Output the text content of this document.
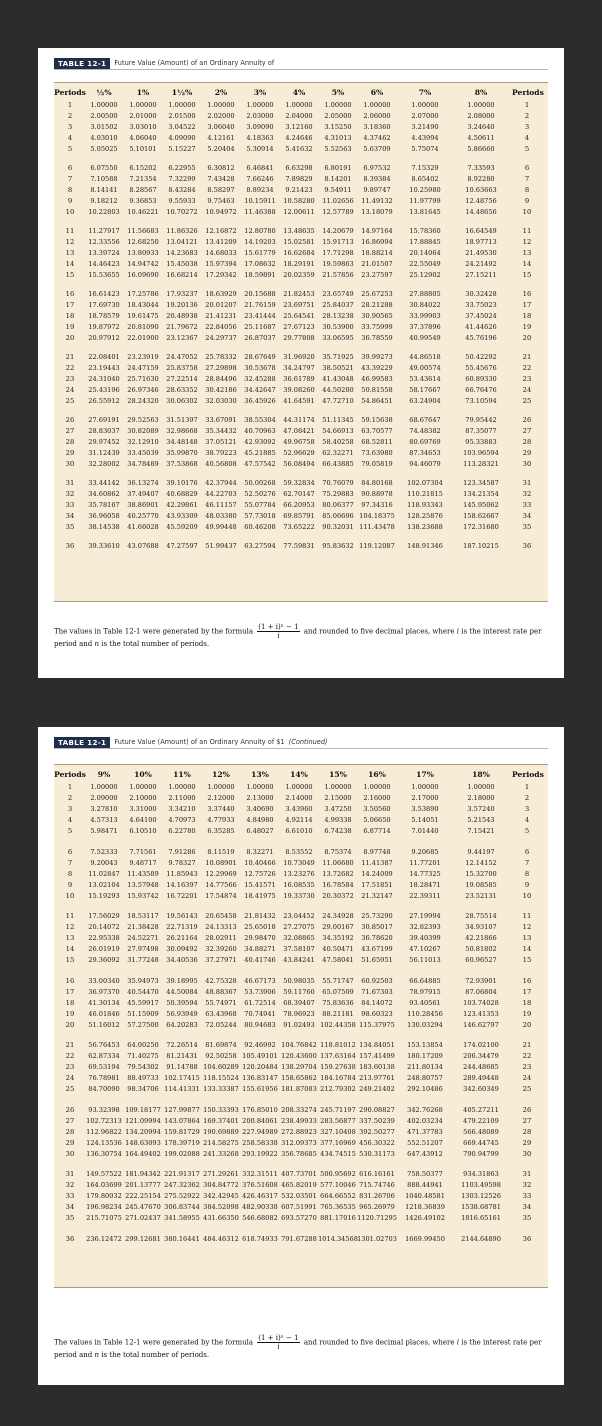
TABLE 12-1	Future Value (Amount) of an Ordinary Annuity of
Periods	½%	1%	1½%	2%	3%	4%	5%	6%	7%	8%	Periods
1	1.00000	1.00000	1.00000	1.00000	1.00000	1.00000	1.00000	1.00000	1.00000	1.00000	1
2	2.00500	2.01000	2.01500	2.02000	2.03000	2.04000	2.05000	2.06000	2.07000	2.08000	2
3	3.01502	3.03010	3.04522	3.06040	3.09090	3.12160	3.15250	3.18360	3.21490	3.24640	3
4	4.03010	4.06040	4.09090	4.12161	4.18363	4.24646	4.31013	4.37462	4.43994	4.50611	4
5	5.05025	5.10101	5.15227	5.20404	5.30914	5.41632	5.52563	5.63709	5.75074	5.86660	5
6	6.07550	6.15202	6.22955	6.30812	6.46841	6.63298	6.80191	6.97532	7.15329	7.33593	6
7	7.10588	7.21354	7.32299	7.43428	7.66246	7.89829	8.14201	8.39384	8.65402	8.92280	7
8	8.14141	8.28567	8.43284	8.58297	8.89234	9.21423	9.54911	9.89747	10.25980	10.63663	8
9	9.18212	9.36853	9.55933	9.75463	10.15911	10.58280	11.02656	11.49132	11.97799	12.48756	9
10	10.22803	10.46221	10.70272	10.94972	11.46388	12.00611	12.57789	13.18079	13.81645	14.48656	10
11	11.27917	11.56683	11.86326	12.16872	12.80780	13.48635	14.20679	14.97164	15.78360	16.64549	11
12	12.33556	12.68250	13.04121	13.41209	14.19203	15.02581	15.91713	16.86994	17.88845	18.97713	12
13	13.39724	13.80933	14.23683	14.68033	15.61779	16.62684	17.71298	18.88214	20.14064	21.49530	13
14	14.46423	14.94742	15.45038	15.97394	17.08632	18.29191	19.59863	21.01507	22.55049	24.21492	14
15	15.53655	16.09690	16.68214	17.29342	18.59891	20.02359	21.57856	23.27597	25.12902	27.15211	15
16	16.61423	17.25786	17.93237	18.63929	20.15688	21.82453	23.65749	25.67253	27.88805	30.32428	16
17	17.69730	18.43044	19.20136	20.01207	21.76159	23.69751	25.84037	28.21288	30.84022	33.75023	17
18	18.78579	19.61475	20.48938	21.41231	23.41444	25.64541	28.13238	30.90565	33.99903	37.45024	18
19	19.87972	20.81090	21.79672	22.84056	25.11687	27.67123	30.53900	33.75999	37.37896	41.44626	19
20	20.97912	22.01900	23.12367	24.29737	26.87037	29.77808	33.06595	36.78559	40.99549	45.76196	20
21	22.08401	23.23919	24.47052	25.78332	28.67649	31.96920	35.71925	39.99273	44.86518	50.42292	21
22	23.19443	24.47159	25.83758	27.29898	30.53678	34.24797	38.50521	43.39229	49.00574	55.45676	22
23	24.31040	25.71630	27.22514	28.84496	32.45288	36.61789	41.43048	46.99583	53.43614	60.89330	23
24	25.43196	26.97346	28.63352	30.42186	34.42647	39.08260	44.50200	50.81558	58.17667	66.76476	24
25	26.55912	28.24320	30.06302	32.03030	36.45926	41.64591	47.72710	54.86451	63.24904	73.10594	25
26	27.69191	29.52563	31.51397	33.67091	38.55304	44.31174	51.11345	59.15638	68.67647	79.95442	26
27	28.83037	30.82089	32.98668	35.34432	40.70963	47.08421	54.66913	63.70577	74.48382	87.35077	27
28	29.97452	32.12910	34.48148	37.05121	42.93092	49.96758	58.40258	68.52811	80.69769	95.33883	28
29	31.12439	33.45039	35.99870	38.79223	45.21885	52.96629	62.32271	73.63980	87.34653	103.96594	29
30	32.28002	34.78489	37.53868	40.56808	47.57542	56.08494	66.43885	79.05819	94.46079	113.28321	30
31	33.44142	36.13274	39.10176	42.37944	50.00268	59.32834	70.76079	84.80168	102.07304	123.34587	31
32	34.60862	37.49407	40.68829	44.22703	52.50276	62.70147	75.29883	90.88978	110.21815	134.21354	32
33	35.78167	38.86901	42.29861	46.11157	55.07784	66.20953	80.06377	97.34316	118.93343	145.95062	33
34	36.96058	40.25770	43.93309	48.03380	57.73018	69.85791	85.06696 104.18375	128.25876	158.62667	34
35	38.14538	41.66028	45.59209	49.99448	60.46208	73.65222	90.32031 111.43478	138.23688	172.31680	35
36	39.33610	43.07688	47.27597	51.99437	63.27594	77.59831	95.83632 119.12087	148.91346	187.10215	36
The values in Table 12-1 were generated by the formula $\frac{\text{(1 + i)ⁿ − 1}}{i}$ and rounded to five decimal places, where i is the interest rate per period and n is the total number of periods.
TABLE 12-1	Future Value (Amount) of an Ordinary Annuity of $1 (Continued)
Periods	9%	10%	11%	12%	13%	14%	15%	16%	17%	18%	Periods
1	1.00000	1.00000	1.00000	1.00000	1.00000	1.00000	1.00000	1.00000	1.00000	1.00000	1
2	2.09000	2.10000	2.11000	2.12000	2.13000	2.14000	2.15000	2.16000	2.17000	2.18000	2
3	3.27810	3.31000	3.34210	3.37440	3.40690	3.43960	3.47250	3.50560	3.53890	3.57240	3
4	4.57313	4.64100	4.70973	4.77933	4.84980	4.92114	4.99338	5.06650	5.14051	5.21543	4
5	5.98471	6.10510	6.22780	6.35285	6.48027	6.61010	6.74238	6.87714	7.01440	7.15421	5
6	7.52333	7.71561	7.91286	8.11519	8.32271	8.53552	8.75374	8.97748	9.20685	9.44197	6
7	9.20043	9.48717	9.78327	10.08901	10.40466	10.73049	11.06680	11.41387	11.77201	12.14152	7
8	11.02847	11.43589	11.85943	12.29969	12.75726	13.23276	13.72682	14.24009	14.77325	15.32700	8
9	13.02104	13.57948	14.16397	14.77566	15.41571	16.08535	16.78584	17.51851	18.28471	19.08585	9
10	15.19293	15.93742	16.72201	17.54874	18.41975	19.33730	20.30372	21.32147	22.39311	23.52131	10
11	17.56029	18.53117	19.56143	20.65458	21.81432	23.04452	24.34928	25.73290	27.19994	28.75514	11
12	20.14072	21.38428	22.71319	24.13313	25.65018	27.27075	29.00167	30.85017	32.82393	34.93107	12
13	22.95338	24.52271	26.21164	28.02911	29.98470	32.08865	34.35192	36.78620	39.40399	42.21866	13
14	26.01919	27.97498	30.09492	32.39260	34.88271	37.58107	40.50471	43.67199	47.10267	50.81802	14
15	29.36092	31.77248	34.40536	37.27971	40.41746	43.84241	47.58041	51.65951	56.11013	60.96527	15
16	33.00340	35.94973	39.18995	42.75328	46.67173	50.98035	55.71747	60.92503	66.64885	72.93901	16
17	36.97370	40.54470	44.50084	48.88367	53.73906	59.11760	65.07509	71.67303	78.97915	87.06804	17
18	41.30134	45.59917	50.39594	55.74971	61.72514	68.39407	75.83636	84.14072	93.40561	103.74028	18
19	46.01846	51.15909	56.93949	63.43968	70.74941	78.96923	88.21181	98.60323	110.28456	123.41353	19
20	51.16012	57.27500	64.20283	72.05244	80.94683	91.02493 102.44358 115.37975	130.03294	146.62797	20
21	56.76453	64.00250	72.26514	81.69874	92.46992 104.76842 118.81012 134.84051	153.13854	174.02100	21
22	62.87334	71.40275	81.21431	92.50258 105.49101 120.43600 137.63164 157.41499	180.17209	206.34479	22
23	69.53194	79.54302	91.14788 104.60289 120.20484 138.29704 159.27638 183.60138	211.80134	244.48685	23
24	76.78981	88.49733 102.17415 118.15524 136.83147 158.65862 184.16784 213.97761	248.80757	289.49448	24
25	84.70090	98.34706 114.41331 133.33387 155.61956 181.87083 212.79302 249.21402	292.10486	342.60349	25
26	93.32398 109.18177 127.99877 150.33393 176.85010 208.33274 245.71197 290.08827	342.76268	405.27211	26
27	102.72313 121.09994 143.07864 169.37401 200.84061 238.49933 283.56877 337.50239	402.03234	479.22109	27
28	112.96822 134.20994 159.81729 190.69889 227.94989 272.88923 327.10408 392.50277	471.37783	566.48089	28
29	124.13536 148.63093 178.39719 214.58275 258.58338 312.09373 377.16969 456.30322	552.51207	669.44745	29
30	136.30754 164.49402 199.02088 241.33268 293.19922 356.78685 434.74515 530.31173	647.43912	790.94799	30
31	149.57522 181.94342 221.91317 271.29261 332.31511 407.73701 500.95692 616.16161	758.50377	934.31863	31
32	164.03699 201.13777 247.32362 304.84772 376.51608 465.82019 577.10046 715.74746	888.44941	1103.49598	32
33	179.80032 222.25154 275.52922 342.42945 426.46317 532.03501 664.66552 831.26706	1040.48581	1303.12526	33
34	196.98234 245.47670 306.83744 384.52098 482.90338 607.51991 765.36535 965.26979	1218.36839	1538.68781	34
35	215.71075 271.02437 341.58955 431.66350 546.68082 693.57270 881.17016 1120.71295	1426.49102	1816.65161	35
36	236.12472 299.12681 380.16441 484.46312 618.74933 791.67288 1014.34568 1301.02703	1669.99450	2144.64890	36
The values in Table 12-1 were generated by the formula $\frac{\text{(1 + i)ⁿ − 1}}{i}$ and rounded to five decimal places, where i is the interest rate per period and n is the total number of periods.
